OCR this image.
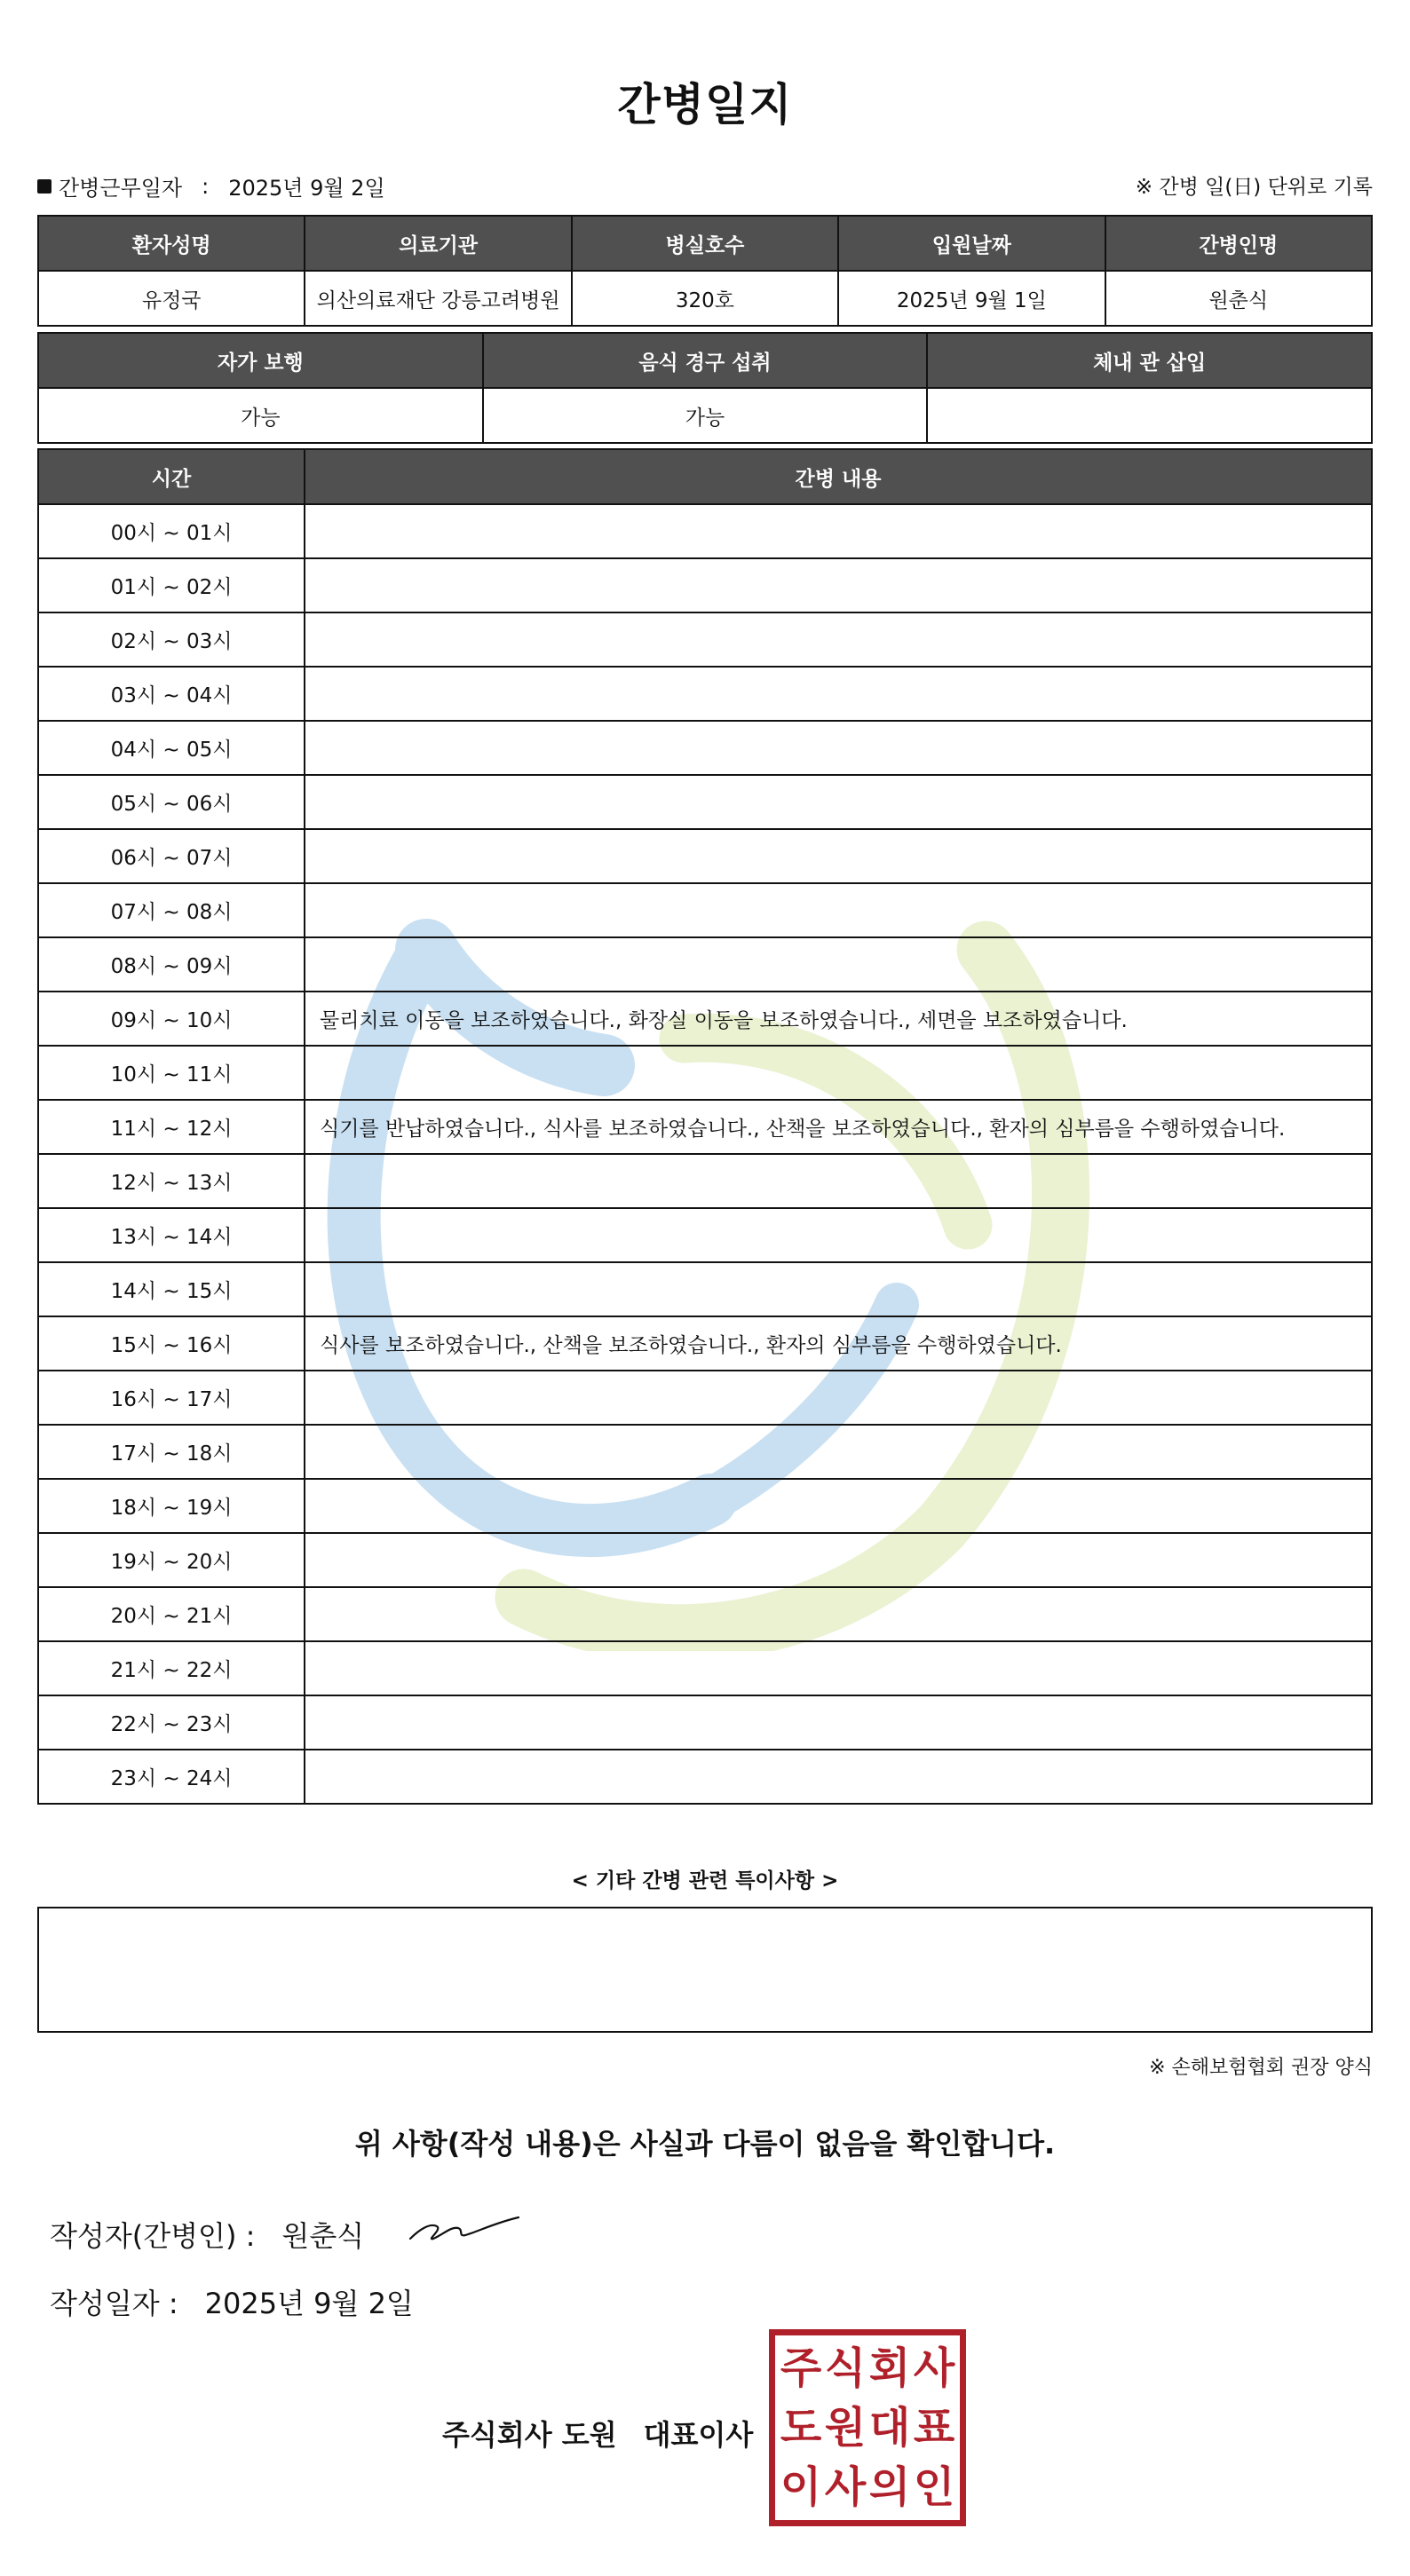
간병일지
간병근무일자 : 2025년 9월 2일	※ 간병 일(日) 단위로 기록
환자성명	의료기관	병실호수	입원날짜	간병인명
유정국	의산의료재단 강릉고려병원	320호	2025년 9월 1일	원춘식
자가 보행	음식 경구 섭취	체내 관 삽입
가능	가능	
시간	간병 내용
00시 ~ 01시	
01시 ~ 02시	
02시 ~ 03시	
03시 ~ 04시	
04시 ~ 05시	
05시 ~ 06시	
06시 ~ 07시	
07시 ~ 08시	
08시 ~ 09시	
09시 ~ 10시	물리치료 이동을 보조하였습니다., 화장실 이동을 보조하였습니다., 세면을 보조하였습니다.
10시 ~ 11시	
11시 ~ 12시	식기를 반납하였습니다., 식사를 보조하였습니다., 산책을 보조하였습니다., 환자의 심부름을 수행하였습니다.
12시 ~ 13시	
13시 ~ 14시	
14시 ~ 15시	
15시 ~ 16시	식사를 보조하였습니다., 산책을 보조하였습니다., 환자의 심부름을 수행하였습니다.
16시 ~ 17시	
17시 ~ 18시	
18시 ~ 19시	
19시 ~ 20시	
20시 ~ 21시	
21시 ~ 22시	
22시 ~ 23시	
23시 ~ 24시	
< 기타 간병 관련 특이사항 >
※ 손해보험협회 권장 양식
위 사항(작성 내용)은 사실과 다름이 없음을 확인합니다.
작성자(간병인) : 원춘식
작성일자 : 2025년 9월 2일
주식회사 도원 대표이사
주 식 회 사
도 원 대 표
이 사 의 인
